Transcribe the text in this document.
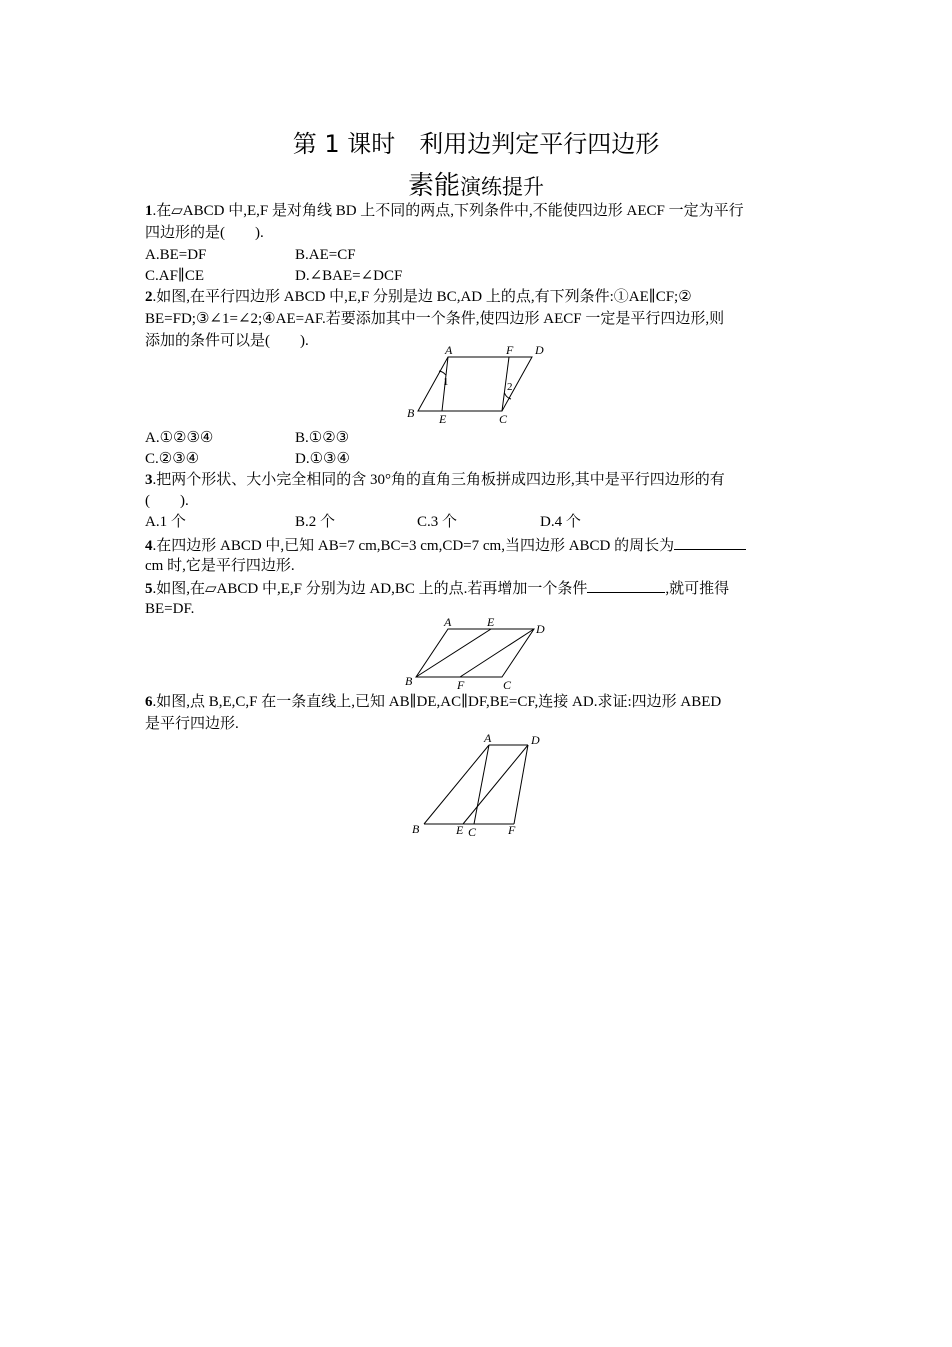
第 1 课时　利用边判定平行四边形
素能演练提升
1.在▱ABCD 中,E,F 是对角线 BD 上不同的两点,下列条件中,不能使四边形 AECF 一定为平行
四边形的是(　　).
A.BE=DF	B.AE=CF
C.AF∥CE	D.∠BAE=∠DCF
2.如图,在平行四边形 ABCD 中,E,F 分别是边 BC,AD 上的点,有下列条件:①AE∥CF;②
BE=FD;③∠1=∠2;④AE=AF.若要添加其中一个条件,使四边形 AECF 一定是平行四边形,则
添加的条件可以是(　　).
A	F D
B E	C
1	2
A.①②③④	B.①②③
C.②③④	D.①③④
3.把两个形状、大小完全相同的含 30°角的直角三角板拼成四边形,其中是平行四边形的有
(　　).
A.1 个	B.2 个	C.3 个	D.4 个
4.在四边形 ABCD 中,已知 AB=7 cm,BC=3 cm,CD=7 cm,当四边形 ABCD 的周长为
cm 时,它是平行四边形.
5.如图,在▱ABCD 中,E,F 分别为边 AD,BC 上的点.若再增加一个条件	,就可推得
BE=DF.
A	E	D
B	F	C
6.如图,点 B,E,C,F 在一条直线上,已知 AB∥DE,AC∥DF,BE=CF,连接 AD.求证:四边形 ABED
是平行四边形.
A	D
B	E C	F
